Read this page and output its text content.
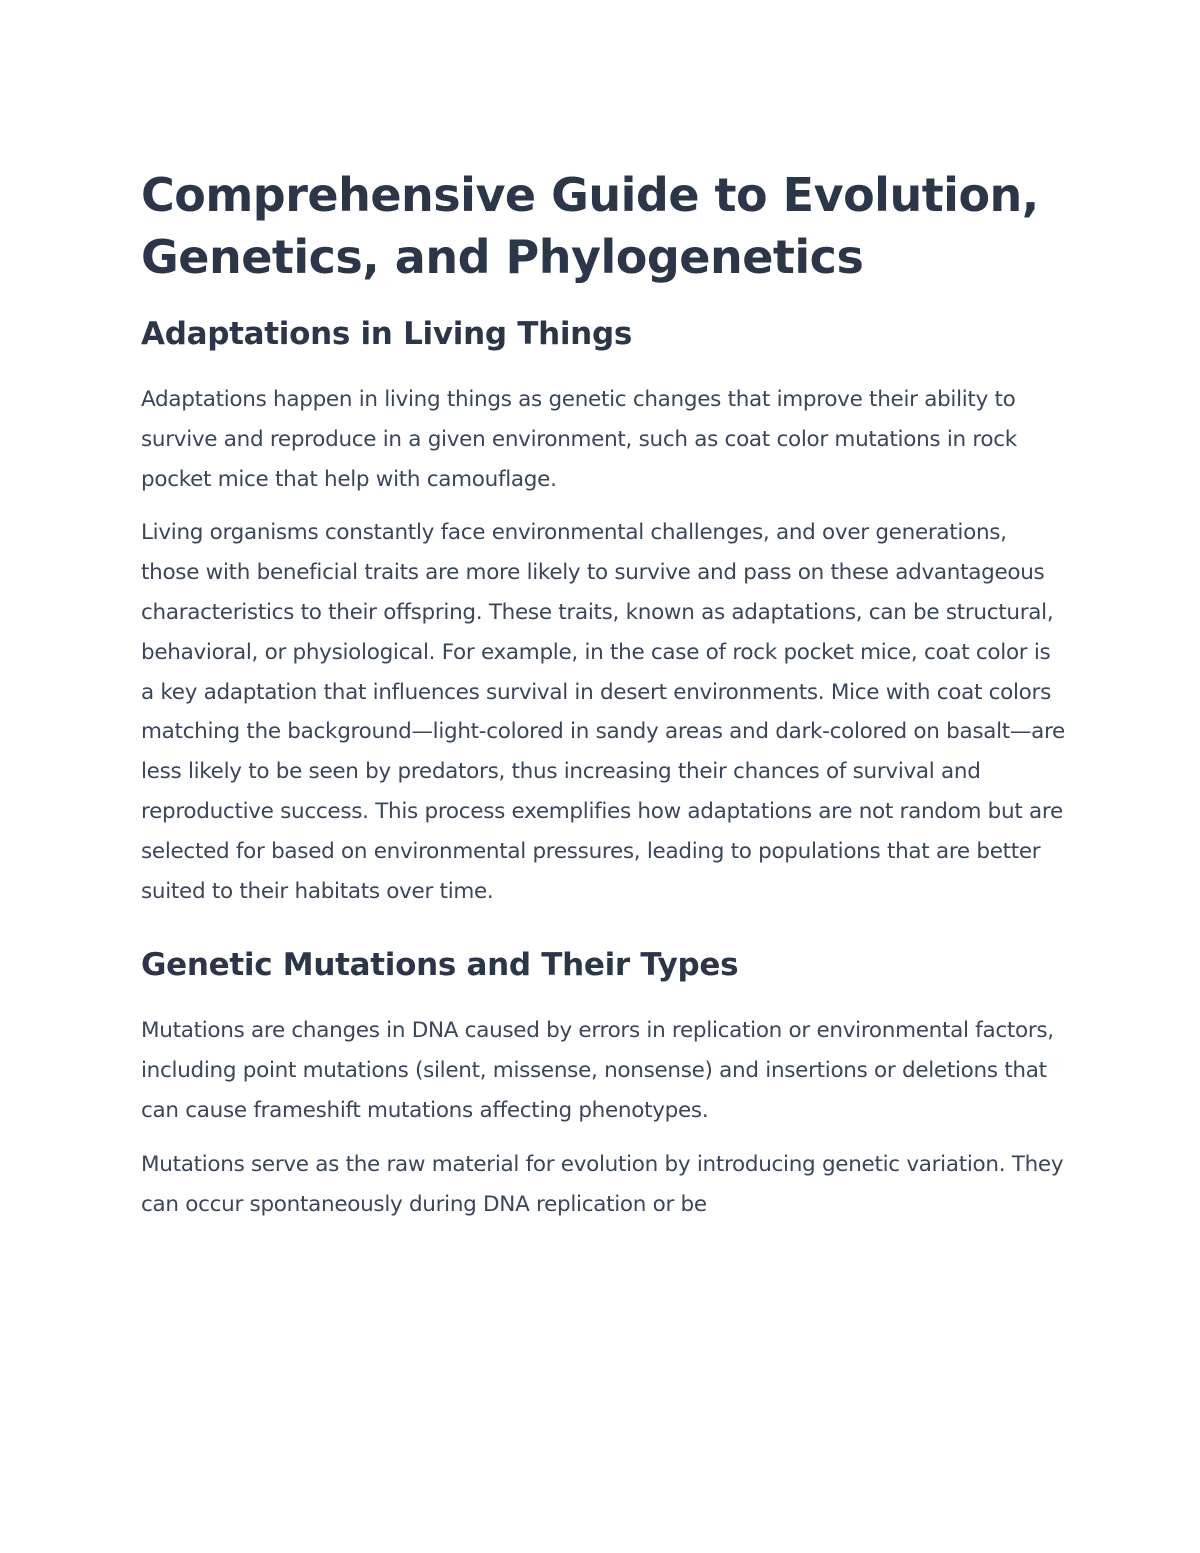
Comprehensive Guide to Evolution, Genetics, and Phylogenetics
Adaptations in Living Things

Adaptations happen in living things as genetic changes that improve their ability to survive and reproduce in a given environment, such as coat color mutations in rock pocket mice that help with camouflage.

Living organisms constantly face environmental challenges, and over generations, those with beneficial traits are more likely to survive and pass on these advantageous characteristics to their offspring. These traits, known as adaptations, can be structural, behavioral, or physiological. For example, in the case of rock pocket mice, coat color is a key adaptation that influences survival in desert environments. Mice with coat colors matching the background—light-colored in sandy areas and dark-colored on basalt—are less likely to be seen by predators, thus increasing their chances of survival and reproductive success. This process exemplifies how adaptations are not random but are selected for based on environmental pressures, leading to populations that are better suited to their habitats over time.

Genetic Mutations and Their Types

Mutations are changes in DNA caused by errors in replication or environmental factors, including point mutations (silent, missense, nonsense) and insertions or deletions that can cause frameshift mutations affecting phenotypes.

Mutations serve as the raw material for evolution by introducing genetic variation. They can occur spontaneously during DNA replication or be
